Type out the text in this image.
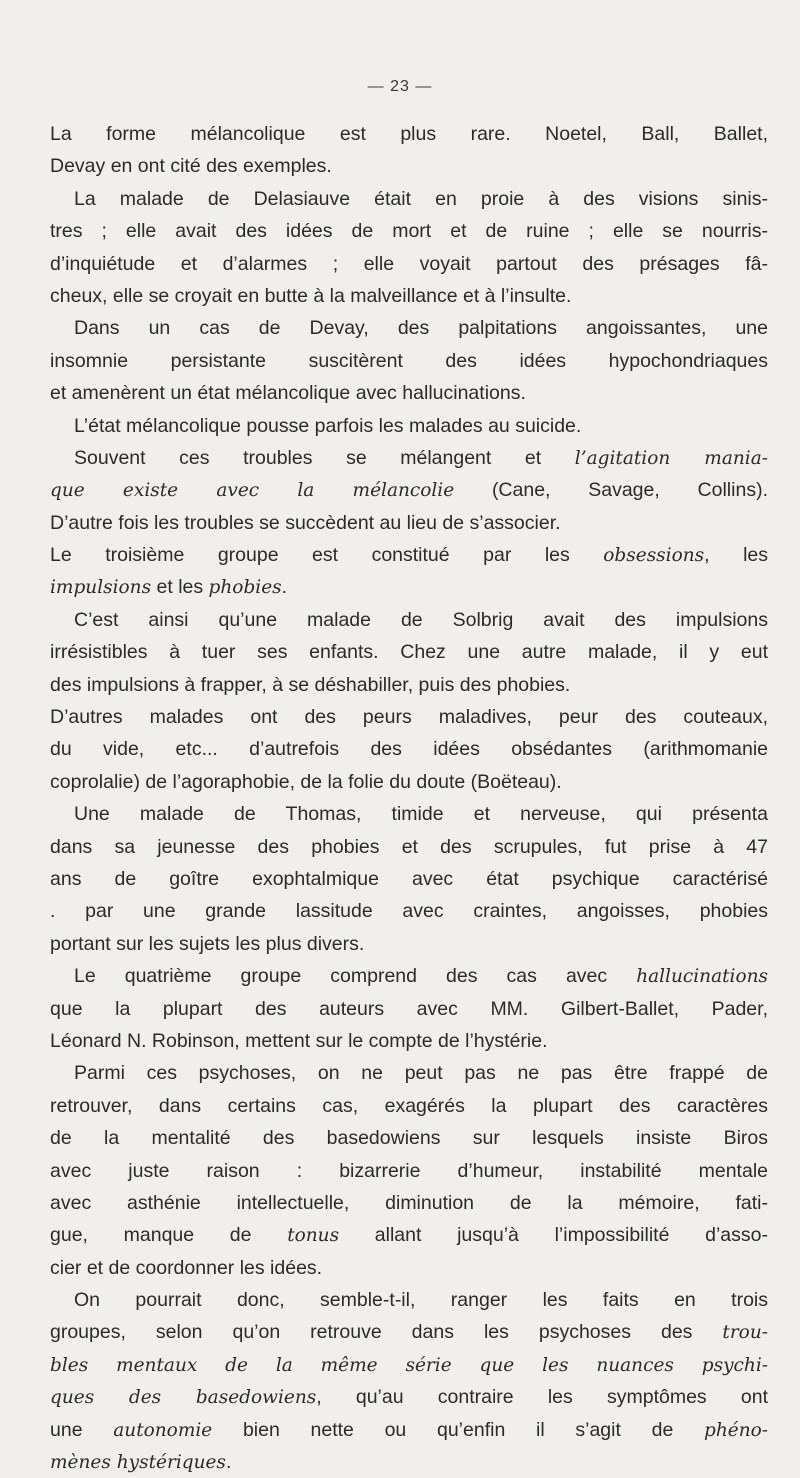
— 23 —
La forme mélancolique est plus rare. Noetel, Ball, Ballet,
Devay en ont cité des exemples.
La malade de Delasiauve était en proie à des visions sinis-
tres ; elle avait des idées de mort et de ruine ; elle se nourris-
d’inquiétude et d’alarmes ; elle voyait partout des présages fâ-
cheux, elle se croyait en butte à la malveillance et à l’insulte.
Dans un cas de Devay, des palpitations angoissantes, une
insomnie persistante suscitèrent des idées hypochondriaques
et amenèrent un état mélancolique avec hallucinations.
L’état mélancolique pousse parfois les malades au suicide.
Souvent ces troubles se mélangent et l’agitation mania-
que existe avec la mélancolie (Cane, Savage, Collins).
D’autre fois les troubles se succèdent au lieu de s’associer.
Le troisième groupe est constitué par les obsessions, les
impulsions et les phobies.
C’est ainsi qu’une malade de Solbrig avait des impulsions
irrésistibles à tuer ses enfants. Chez une autre malade, il y eut
des impulsions à frapper, à se déshabiller, puis des phobies.
D’autres malades ont des peurs maladives, peur des couteaux,
du vide, etc... d’autrefois des idées obsédantes (arithmomanie
coprolalie) de l’agoraphobie, de la folie du doute (Boëteau).
Une malade de Thomas, timide et nerveuse, qui présenta
dans sa jeunesse des phobies et des scrupules, fut prise à 47
ans de goître exophtalmique avec état psychique caractérisé
. par une grande lassitude avec craintes, angoisses, phobies
portant sur les sujets les plus divers.
Le quatrième groupe comprend des cas avec hallucinations
que la plupart des auteurs avec MM. Gilbert-Ballet, Pader,
Léonard N. Robinson, mettent sur le compte de l’hystérie.
Parmi ces psychoses, on ne peut pas ne pas être frappé de
retrouver, dans certains cas, exagérés la plupart des caractères
de la mentalité des basedowiens sur lesquels insiste Biros
avec juste raison : bizarrerie d’humeur, instabilité mentale
avec asthénie intellectuelle, diminution de la mémoire, fati-
gue, manque de tonus allant jusqu’à l’impossibilité d’asso-
cier et de coordonner les idées.
On pourrait donc, semble-t-il, ranger les faits en trois
groupes, selon qu’on retrouve dans les psychoses des trou-
bles mentaux de la même série que les nuances psychi-
ques des basedowiens, qu’au contraire les symptômes ont
une autonomie bien nette ou qu’enfin il s’agit de phéno-
mènes hystériques.
